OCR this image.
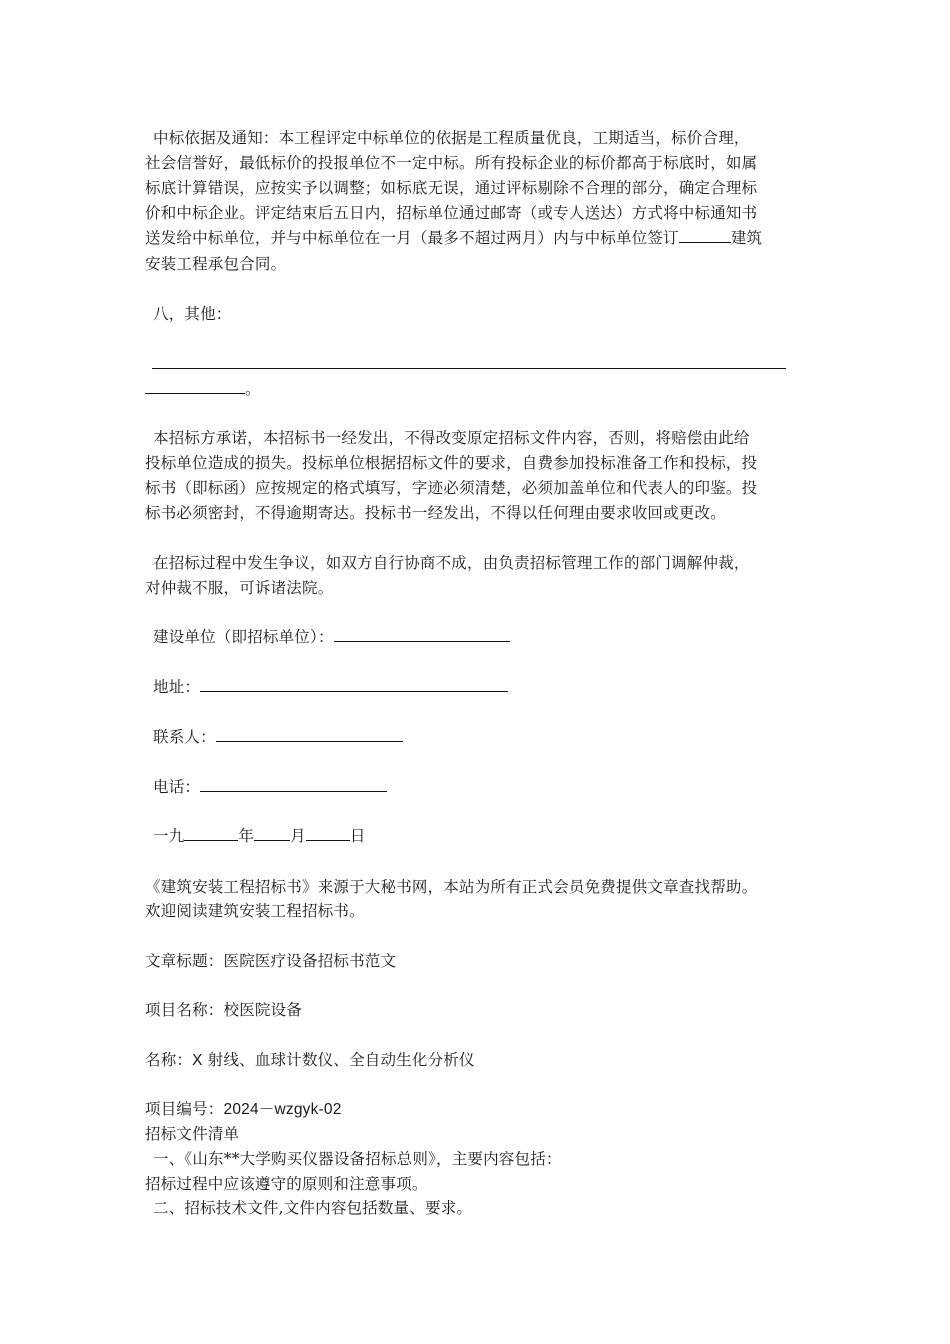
中标依据及通知：本工程评定中标单位的依据是工程质量优良，工期适当，标价合理，
社会信誉好，最低标价的投报单位不一定中标。所有投标企业的标价都高于标底时，如属
标底计算错误，应按实予以调整；如标底无误，通过评标剔除不合理的部分，确定合理标
价和中标企业。评定结束后五日内，招标单位通过邮寄（或专人送达）方式将中标通知书
送发给中标单位，并与中标单位在一月（最多不超过两月）内与中标单位签订	建筑
安装工程承包合同。
八，其他：
。
本招标方承诺，本招标书一经发出，不得改变原定招标文件内容，否则，将赔偿由此给
投标单位造成的损失。投标单位根据招标文件的要求，自费参加投标准备工作和投标，投
标书（即标函）应按规定的格式填写，字迹必须清楚，必须加盖单位和代表人的印鉴。投
标书必须密封，不得逾期寄达。投标书一经发出，不得以任何理由要求收回或更改。
在招标过程中发生争议，如双方自行协商不成，由负责招标管理工作的部门调解仲裁，
对仲裁不服，可诉诸法院。
建设单位（即招标单位）：
地址：
联系人：
电话：
一九	年 月	日
《建筑安装工程招标书》来源于大秘书网，本站为所有正式会员免费提供文章查找帮助。
欢迎阅读建筑安装工程招标书。
文章标题：医院医疗设备招标书范文
项目名称：校医院设备
名称：X 射线、血球计数仪、全自动生化分析仪
项目编号：2024－wzgyk-02
招标文件清单
一、《山东**大学购买仪器设备招标总则》，主要内容包括：
招标过程中应该遵守的原则和注意事项。
二、招标技术文件,文件内容包括数量、要求。
